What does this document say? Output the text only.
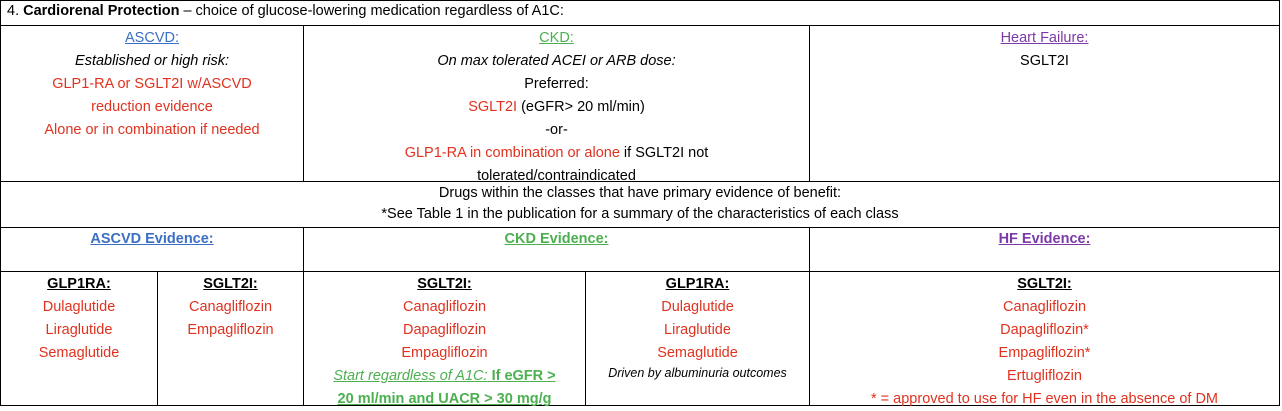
4. Cardiorenal Protection – choice of glucose-lowering medication regardless of A1C:
ASCVD:
Established or high risk:
GLP1-RA or SGLT2I w/ASCVD
reduction evidence
Alone or in combination if needed
CKD:
On max tolerated ACEI or ARB dose:
Preferred:
SGLT2I (eGFR> 20 ml/min)
-or-
GLP1-RA in combination or alone if SGLT2I not
tolerated/contraindicated
Heart Failure:
SGLT2I
Drugs within the classes that have primary evidence of benefit:
*See Table 1 in the publication for a summary of the characteristics of each class
ASCVD Evidence:	CKD Evidence:	HF Evidence:
GLP1RA:
Dulaglutide
Liraglutide
Semaglutide
SGLT2I:
Canagliflozin
Empagliflozin
SGLT2I:
Canagliflozin
Dapagliflozin
Empagliflozin
Start regardless of A1C: If eGFR >
20 ml/min and UACR > 30 mg/g
GLP1RA:
Dulaglutide
Liraglutide
Semaglutide
Driven by albuminuria outcomes
SGLT2I:
Canagliflozin
Dapagliflozin*
Empagliflozin*
Ertugliflozin
* = approved to use for HF even in the absence of DM
